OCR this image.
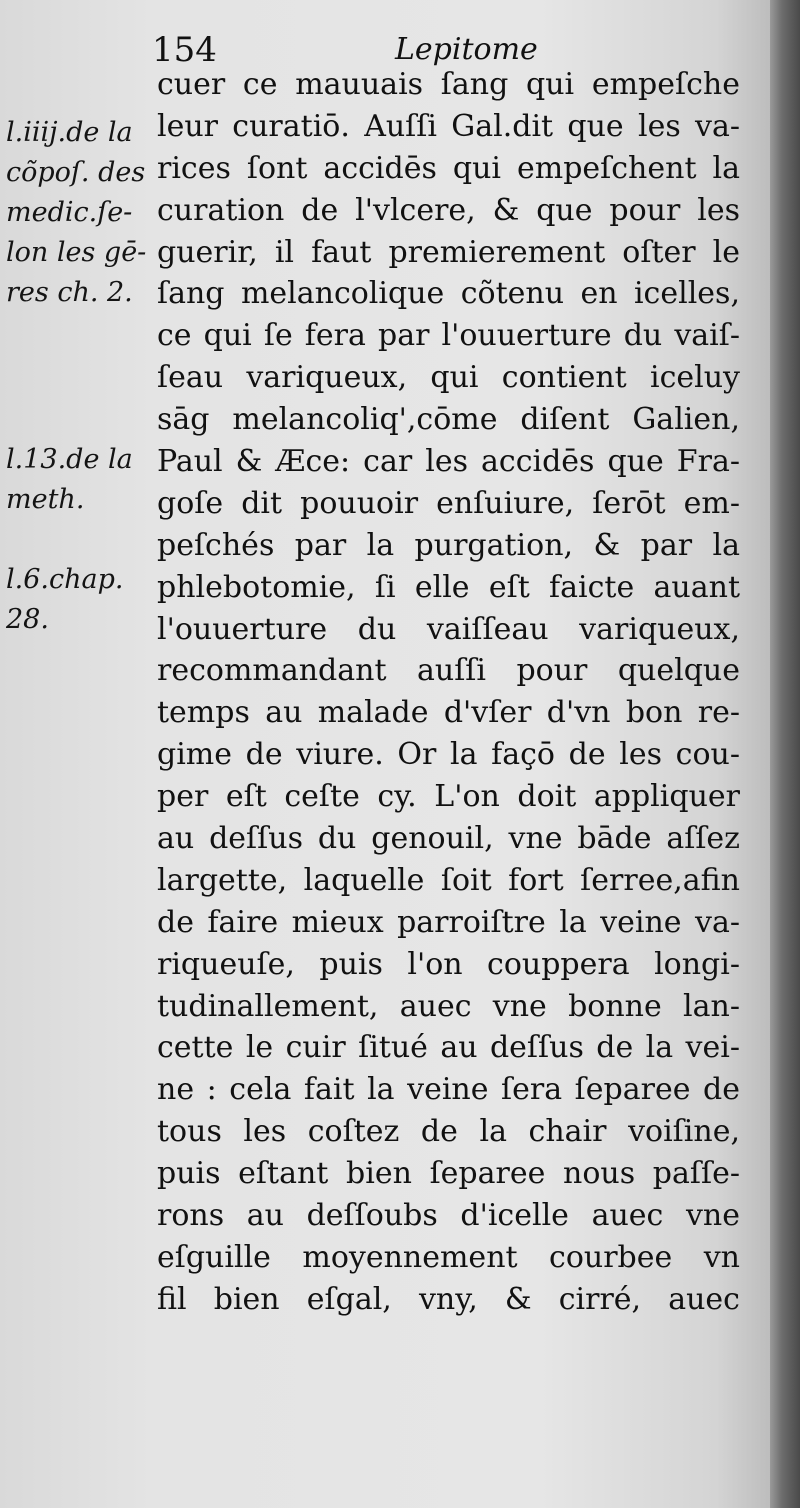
154	Lepitome

l.iiij.de la
cõpoſ. des
medic.ſe-
lon les gē-
res ch. 2.

l.13.de la
meth.

l.6.chap.
28.

cuer ce mauuais ſang qui empeſche
leur curatiō. Auſſi Gal.dit que les va-
rices ſont accidēs qui empeſchent la
curation de l'vlcere, & que pour les
guerir, il faut premierement oſter le
ſang melancolique cõtenu en icelles,
ce qui ſe fera par l'ouuerture du vaiſ-
ſeau variqueux, qui contient iceluy
sāg melancoliq',cōme diſent Galien,
Paul & Æce: car les accidēs que Fra-
goſe dit pouuoir enſuiure, ſerōt em-
peſchés par la purgation, & par la
phlebotomie, ſi elle eſt faicte auant
l'ouuerture du vaiſſeau variqueux,
recommandant auſſi pour quelque
temps au malade d'vſer d'vn bon re-
gime de viure. Or la façō de les cou-
per eſt ceſte cy. L'on doit appliquer
au deſſus du genouil, vne bāde aſſez
largette, laquelle ſoit fort ſerree,afin
de faire mieux parroiſtre la veine va-
riqueuſe, puis l'on couppera longi-
tudinallement, auec vne bonne lan-
cette le cuir ſitué au deſſus de la vei-
ne : cela fait la veine ſera ſeparee de
tous les coſtez de la chair voiſine,
puis eſtant bien ſeparee nous paſſe-
rons au deſſoubs d'icelle auec vne
eſguille moyennement courbee vn
fil bien eſgal, vny, & cirré, auec
